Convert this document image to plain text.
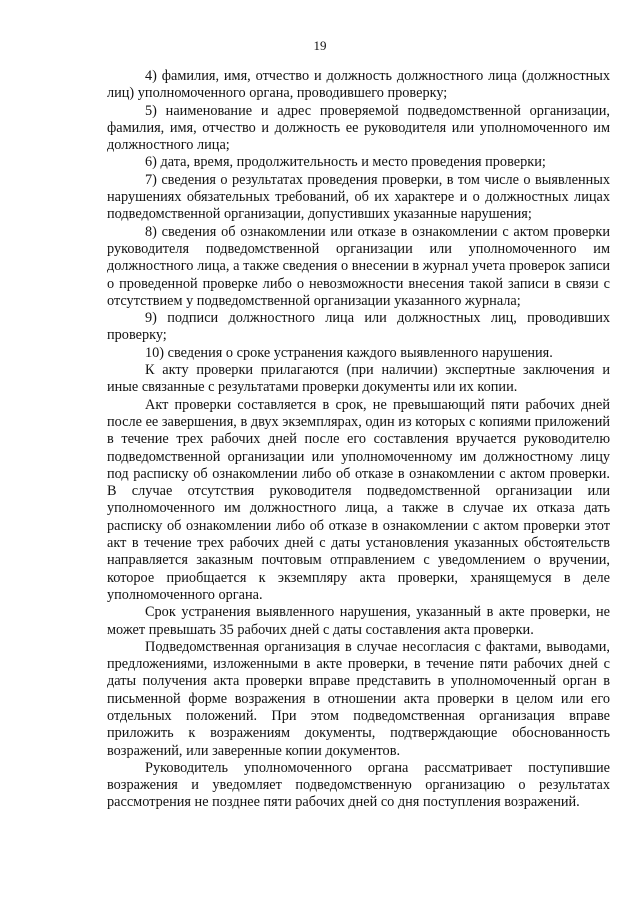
19

4) фамилия, имя, отчество и должность должностного лица (должностных лиц) уполномоченного органа, проводившего проверку;

5) наименование и адрес проверяемой подведомственной организации, фамилия, имя, отчество и должность ее руководителя или уполномоченного им должностного лица;

6) дата, время, продолжительность и место проведения проверки;

7) сведения о результатах проведения проверки, в том числе о выявленных нарушениях обязательных требований, об их характере и о должностных лицах подведомственной организации, допустивших указанные нарушения;

8) сведения об ознакомлении или отказе в ознакомлении с актом проверки руководителя подведомственной организации или уполномоченного им должностного лица, а также сведения о внесении в журнал учета проверок записи о проведенной проверке либо о невозможности внесения такой записи в связи с отсутствием у подведомственной организации указанного журнала;

9) подписи должностного лица или должностных лиц, проводивших проверку;

10) сведения о сроке устранения каждого выявленного нарушения.

К акту проверки прилагаются (при наличии) экспертные заключения и иные связанные с результатами проверки документы или их копии.

Акт проверки составляется в срок, не превышающий пяти рабочих дней после ее завершения, в двух экземплярах, один из которых с копиями приложений в течение трех рабочих дней после его составления вручается руководителю подведомственной организации или уполномоченному им должностному лицу под расписку об ознакомлении либо об отказе в ознакомлении с актом проверки. В случае отсутствия руководителя подведомственной организации или уполномоченного им должностного лица, а также в случае их отказа дать расписку об ознакомлении либо об отказе в ознакомлении с актом проверки этот акт в течение трех рабочих дней с даты установления указанных обстоятельств направляется заказным почтовым отправлением с уведомлением о вручении, которое приобщается к экземпляру акта проверки, хранящемуся в деле уполномоченного органа.

Срок устранения выявленного нарушения, указанный в акте проверки, не может превышать 35 рабочих дней с даты составления акта проверки.

Подведомственная организация в случае несогласия с фактами, выводами, предложениями, изложенными в акте проверки, в течение пяти рабочих дней с даты получения акта проверки вправе представить в уполномоченный орган в письменной форме возражения в отношении акта проверки в целом или его отдельных положений. При этом подведомственная организация вправе приложить к возражениям документы, подтверждающие обоснованность возражений, или заверенные копии документов.

Руководитель уполномоченного органа рассматривает поступившие возражения и уведомляет подведомственную организацию о результатах рассмотрения не позднее пяти рабочих дней со дня поступления возражений.
